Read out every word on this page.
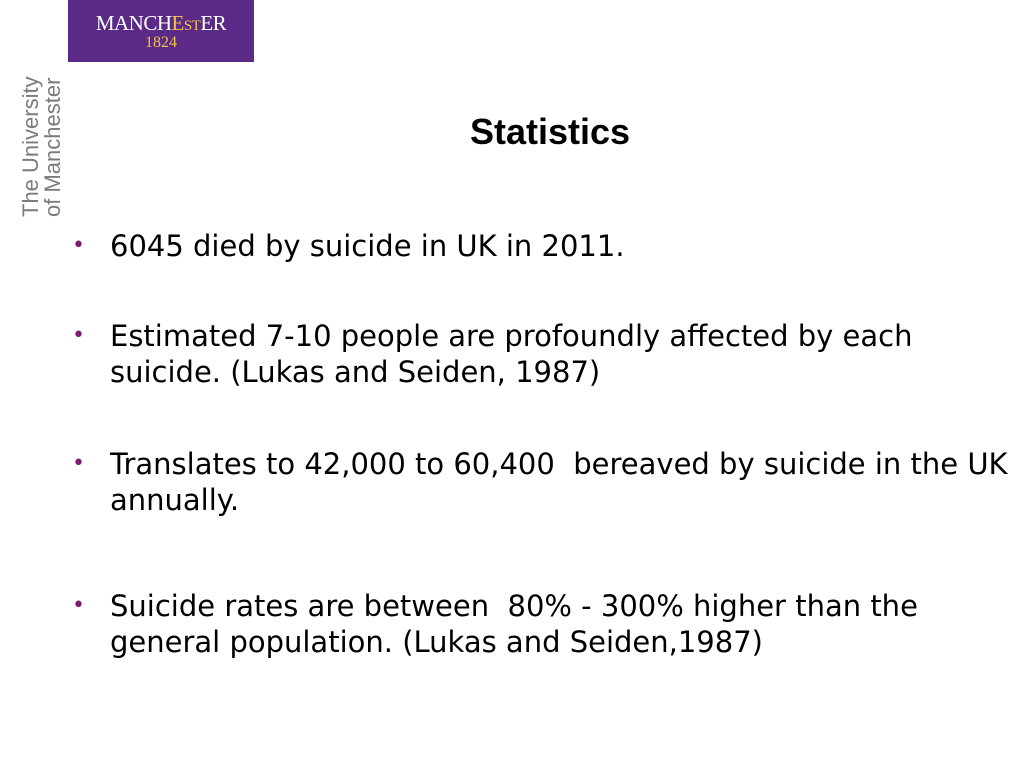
MANCHESTER
1824
The University
of Manchester	Statistics
• 6045 died by suicide in UK in 2011.
• Estimated 7-10 people are profoundly affected by each suicide. (Lukas and Seiden, 1987)
• Translates to 42,000 to 60,400  bereaved by suicide in the UK annually.
• Suicide rates are between  80% - 300% higher than the general population. (Lukas and Seiden,1987)
